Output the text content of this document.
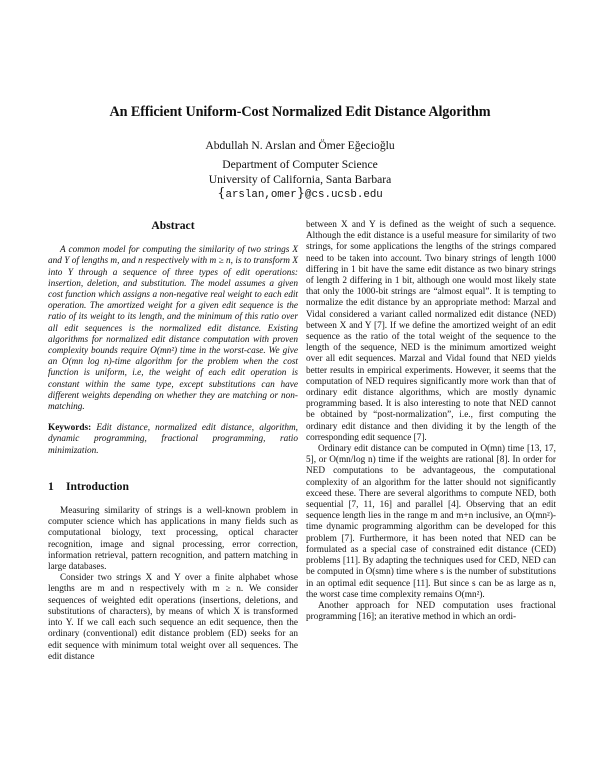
An Efficient Uniform-Cost Normalized Edit Distance Algorithm
Abdullah N. Arslan and Ömer Eğecioğlu
Department of Computer Science
University of California, Santa Barbara
{arslan,omer}@cs.ucsb.edu
Abstract

A common model for computing the similarity of two strings X and Y of lengths m, and n respectively with m ≥ n, is to transform X into Y through a sequence of three types of edit operations: insertion, deletion, and substitution. The model assumes a given cost function which assigns a non-negative real weight to each edit operation. The amortized weight for a given edit sequence is the ratio of its weight to its length, and the minimum of this ratio over all edit sequences is the normalized edit distance. Existing algorithms for normalized edit distance computation with proven complexity bounds require O(mn²) time in the worst-case. We give an O(mn log n)-time algorithm for the problem when the cost function is uniform, i.e, the weight of each edit operation is constant within the same type, except substitutions can have different weights depending on whether they are matching or non-matching.

Keywords: Edit distance, normalized edit distance, algorithm, dynamic programming, fractional programming, ratio minimization.

1 Introduction

Measuring similarity of strings is a well-known problem in computer science which has applications in many fields such as computational biology, text processing, optical character recognition, image and signal processing, error correction, information retrieval, pattern recognition, and pattern matching in large databases.

Consider two strings X and Y over a finite alphabet whose lengths are m and n respectively with m ≥ n. We consider sequences of weighted edit operations (insertions, deletions, and substitutions of characters), by means of which X is transformed into Y. If we call each such sequence an edit sequence, then the ordinary (conventional) edit distance problem (ED) seeks for an edit sequence with minimum total weight over all sequences. The edit distance

between X and Y is defined as the weight of such a sequence. Although the edit distance is a useful measure for similarity of two strings, for some applications the lengths of the strings compared need to be taken into account. Two binary strings of length 1000 differing in 1 bit have the same edit distance as two binary strings of length 2 differing in 1 bit, although one would most likely state that only the 1000-bit strings are “almost equal”. It is tempting to normalize the edit distance by an appropriate method: Marzal and Vidal considered a variant called normalized edit distance (NED) between X and Y [7]. If we define the amortized weight of an edit sequence as the ratio of the total weight of the sequence to the length of the sequence, NED is the minimum amortized weight over all edit sequences. Marzal and Vidal found that NED yields better results in empirical experiments. However, it seems that the computation of NED requires significantly more work than that of ordinary edit distance algorithms, which are mostly dynamic programming based. It is also interesting to note that NED cannot be obtained by “post-normalization”, i.e., first computing the ordinary edit distance and then dividing it by the length of the corresponding edit sequence [7].

Ordinary edit distance can be computed in O(mn) time [13, 17, 5], or O(mn/log n) time if the weights are rational [8]. In order for NED computations to be advantageous, the computational complexity of an algorithm for the latter should not significantly exceed these. There are several algorithms to compute NED, both sequential [7, 11, 16] and parallel [4]. Observing that an edit sequence length lies in the range m and m+n inclusive, an O(mn²)-time dynamic programming algorithm can be developed for this problem [7]. Furthermore, it has been noted that NED can be formulated as a special case of constrained edit distance (CED) problems [11]. By adapting the techniques used for CED, NED can be computed in O(smn) time where s is the number of substitutions in an optimal edit sequence [11]. But since s can be as large as n, the worst case time complexity remains O(mn²).

Another approach for NED computation uses fractional programming [16]; an iterative method in which an ordi-
